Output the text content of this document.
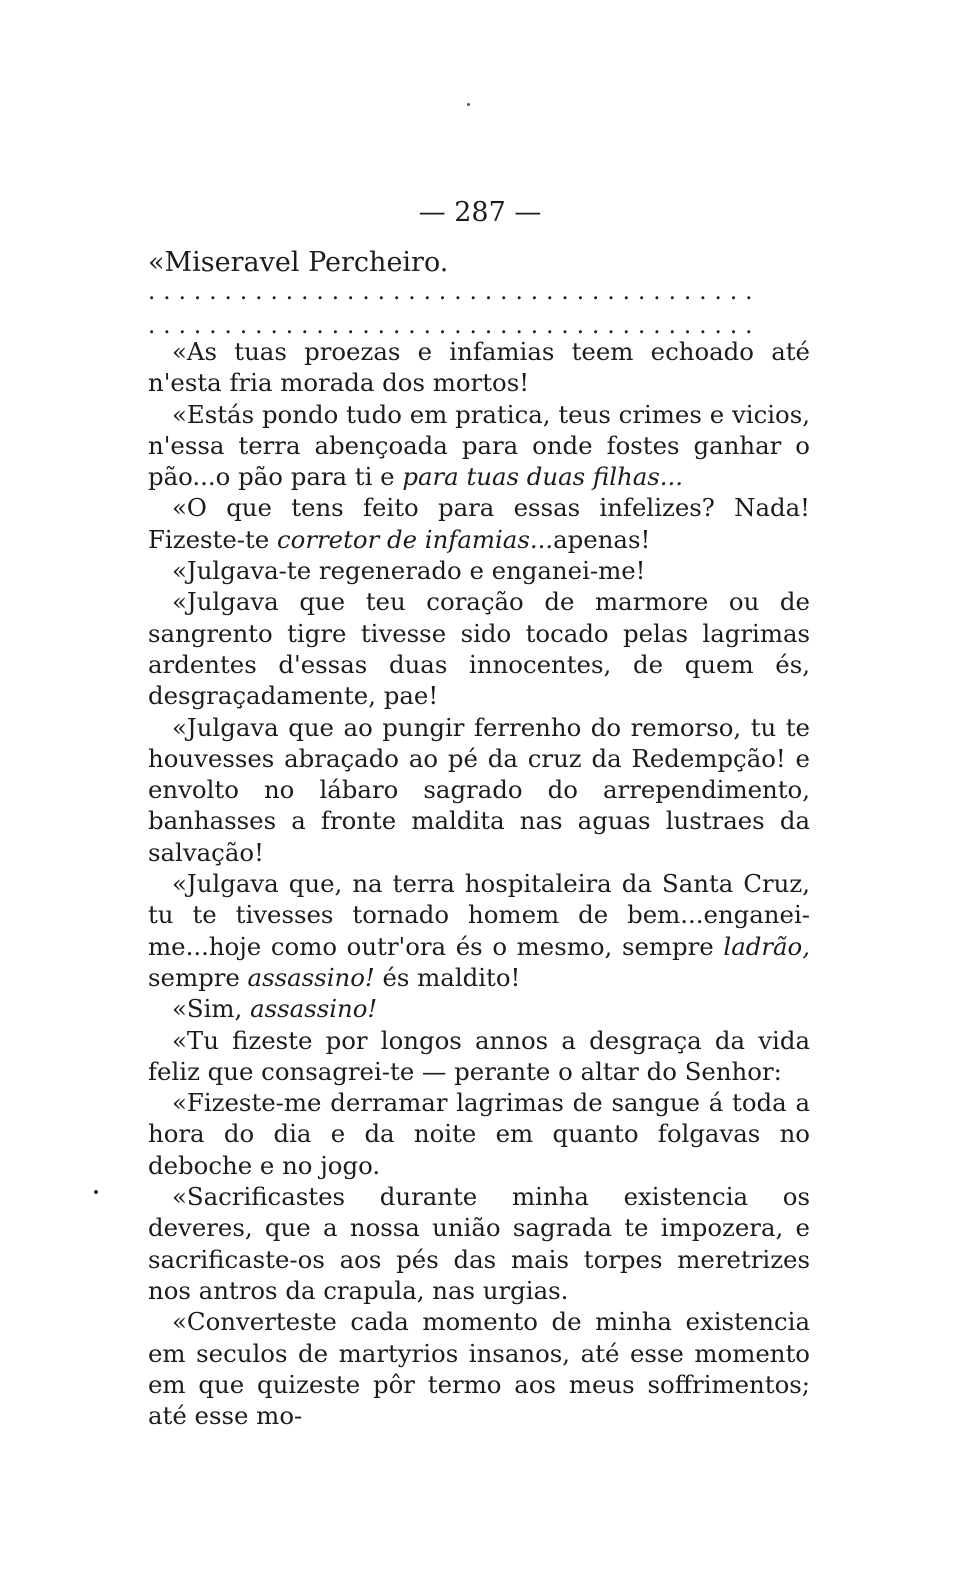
— 287 —
«Miseravel Percheiro.
........................................
........................................

«As tuas proezas e infamias teem echoado até n'esta fria morada dos mortos!

«Estás pondo tudo em pratica, teus crimes e vicios, n'essa terra abençoada para onde fostes ganhar o pão...o pão para ti e para tuas duas filhas...

«O que tens feito para essas infelizes? Nada! Fizeste-te corretor de infamias...apenas!

«Julgava-te regenerado e enganei-me!

«Julgava que teu coração de marmore ou de sangrento tigre tivesse sido tocado pelas lagrimas ardentes d'essas duas innocentes, de quem és, desgraçadamente, pae!

«Julgava que ao pungir ferrenho do remorso, tu te houvesses abraçado ao pé da cruz da Redempção! e envolto no lábaro sagrado do arrependimento, banhasses a fronte maldita nas aguas lustraes da salvação!

«Julgava que, na terra hospitaleira da Santa Cruz, tu te tivesses tornado homem de bem...enganei-me...hoje como outr'ora és o mesmo, sempre ladrão, sempre assassino! és maldito!

«Sim, assassino!

«Tu fizeste por longos annos a desgraça da vida feliz que consagrei-te — perante o altar do Senhor:

«Fizeste-me derramar lagrimas de sangue á toda a hora do dia e da noite em quanto folgavas no deboche e no jogo.

«Sacrificastes durante minha existencia os deveres, que a nossa união sagrada te impozera, e sacrificaste-os aos pés das mais torpes meretrizes nos antros da crapula, nas urgias.

«Converteste cada momento de minha existencia em seculos de martyrios insanos, até esse momento em que quizeste pôr termo aos meus soffrimentos; até esse mo-
